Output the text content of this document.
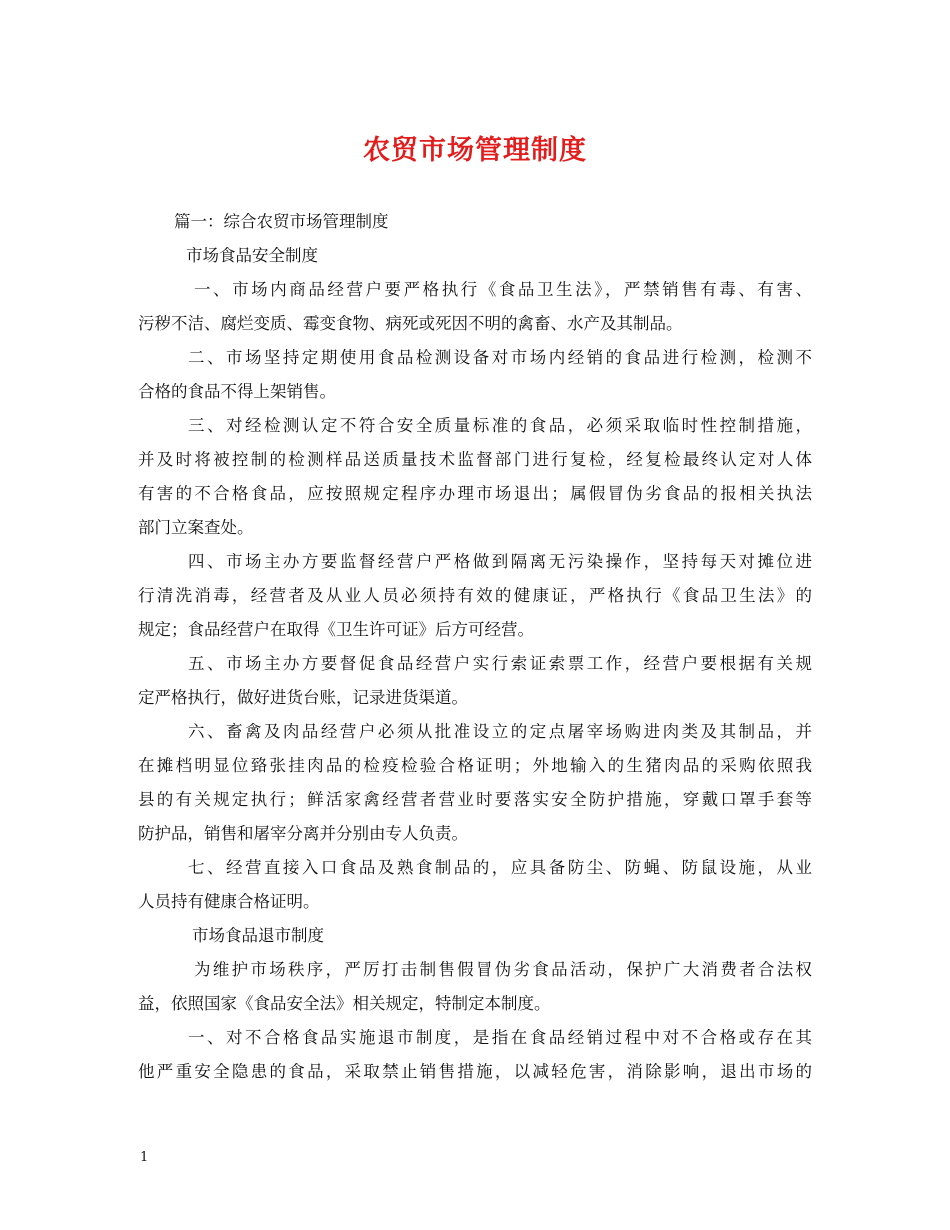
农贸市场管理制度
篇一：综合农贸市场管理制度
市场食品安全制度
一、市场内商品经营户要严格执行《食品卫生法》，严禁销售有毒、有害、
污秽不洁、腐烂变质、霉变食物、病死或死因不明的禽畜、水产及其制品。
二、市场坚持定期使用食品检测设备对市场内经销的食品进行检测，检测不
合格的食品不得上架销售。
三、对经检测认定不符合安全质量标准的食品，必须采取临时性控制措施，
并及时将被控制的检测样品送质量技术监督部门进行复检，经复检最终认定对人体
有害的不合格食品，应按照规定程序办理市场退出；属假冒伪劣食品的报相关执法
部门立案查处。
四、市场主办方要监督经营户严格做到隔离无污染操作，坚持每天对摊位进
行清洗消毒，经营者及从业人员必须持有效的健康证，严格执行《食品卫生法》的
规定；食品经营户在取得《卫生许可证》后方可经营。
五、市场主办方要督促食品经营户实行索证索票工作，经营户要根据有关规
定严格执行，做好进货台账，记录进货渠道。
六、畜禽及肉品经营户必须从批准设立的定点屠宰场购进肉类及其制品，并
在摊档明显位臵张挂肉品的检疫检验合格证明；外地输入的生猪肉品的采购依照我
县的有关规定执行；鲜活家禽经营者营业时要落实安全防护措施，穿戴口罩手套等
防护品，销售和屠宰分离并分别由专人负责。
七、经营直接入口食品及熟食制品的，应具备防尘、防蝇、防鼠设施，从业
人员持有健康合格证明。
市场食品退市制度
为维护市场秩序，严厉打击制售假冒伪劣食品活动，保护广大消费者合法权
益，依照国家《食品安全法》相关规定，特制定本制度。
一、对不合格食品实施退市制度，是指在食品经销过程中对不合格或存在其
他严重安全隐患的食品，采取禁止销售措施，以减轻危害，消除影响，退出市场的

1
